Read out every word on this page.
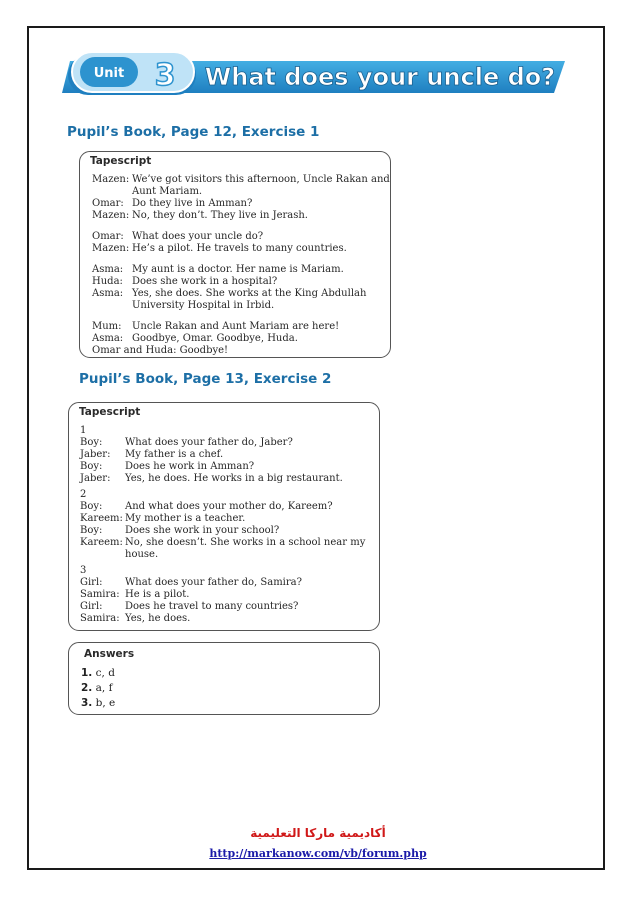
Unit 3 What does your uncle do?
Pupil’s Book, Page 12, Exercise 1
Tapescript
Mazen: We’ve got visitors this afternoon, Uncle Rakan and
Aunt Mariam.
Omar: Do they live in Amman?
Mazen: No, they don’t. They live in Jerash.
Omar: What does your uncle do?
Mazen: He’s a pilot. He travels to many countries.
Asma: My aunt is a doctor. Her name is Mariam.
Huda: Does she work in a hospital?
Asma: Yes, she does. She works at the King Abdullah
University Hospital in Irbid.
Mum: Uncle Rakan and Aunt Mariam are here!
Asma: Goodbye, Omar. Goodbye, Huda.
Omar and Huda: Goodbye!
Pupil’s Book, Page 13, Exercise 2
Tapescript
1
Boy: What does your father do, Jaber?
Jaber: My father is a chef.
Boy: Does he work in Amman?
Jaber: Yes, he does. He works in a big restaurant.
2
Boy: And what does your mother do, Kareem?
Kareem: My mother is a teacher.
Boy: Does she work in your school?
Kareem: No, she doesn’t. She works in a school near my
house.
3
Girl: What does your father do, Samira?
Samira: He is a pilot.
Girl: Does he travel to many countries?
Samira: Yes, he does.
Answers
1. c, d
2. a, f
3. b, e
أكاديمية ماركا التعليمية
http://markanow.com/vb/forum.php
